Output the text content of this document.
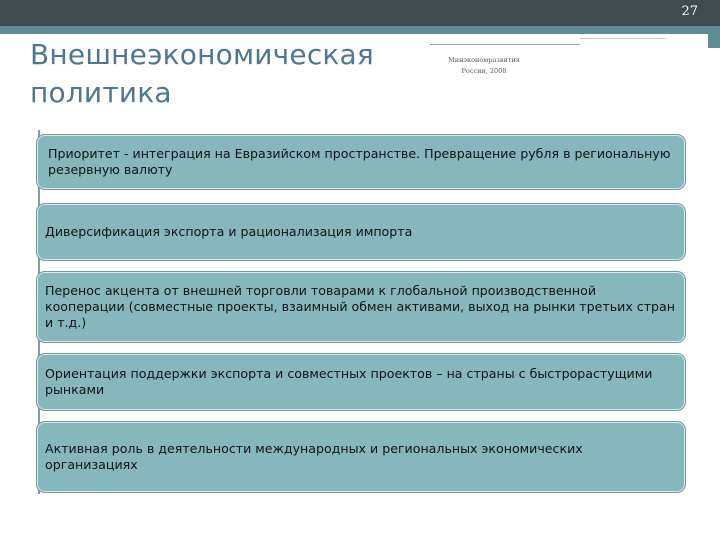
27
Внешнеэкономическая
политика
Минэкономразвития
России, 2008
Приоритет - интеграция на Евразийском пространстве. Превращение рубля в региональную резервную валюту
Диверсификация экспорта и рационализация импорта
Перенос акцента от внешней торговли товарами к глобальной производственной кооперации (совместные проекты, взаимный обмен активами, выход на рынки третьих стран и т.д.)
Ориентация поддержки экспорта и совместных проектов – на страны с быстрорастущими рынками
Активная роль в деятельности международных и региональных экономических организациях
